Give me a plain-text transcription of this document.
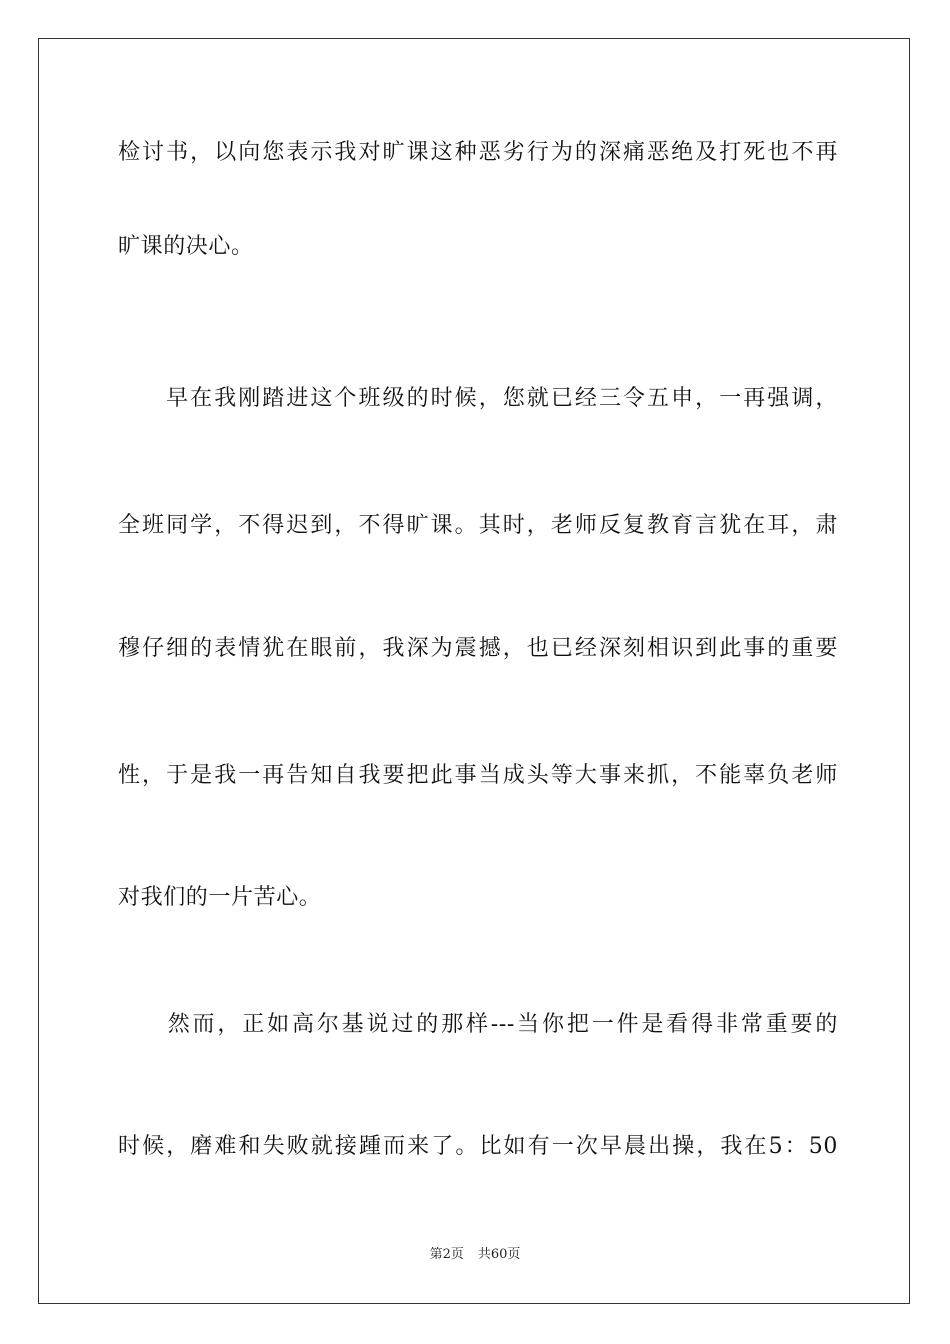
检讨书，以向您表示我对旷课这种恶劣行为的深痛恶绝及打死也不再
旷课的决心。
　　早在我刚踏进这个班级的时候，您就已经三令五申，一再强调，
全班同学，不得迟到，不得旷课。其时，老师反复教育言犹在耳，肃
穆仔细的表情犹在眼前，我深为震撼，也已经深刻相识到此事的重要
性，于是我一再告知自我要把此事当成头等大事来抓，不能辜负老师
对我们的一片苦心。
　　然而，正如高尔基说过的那样---当你把一件是看得非常重要的
时候，磨难和失败就接踵而来了。比如有一次早晨出操，我在5：50
第2页 共60页
